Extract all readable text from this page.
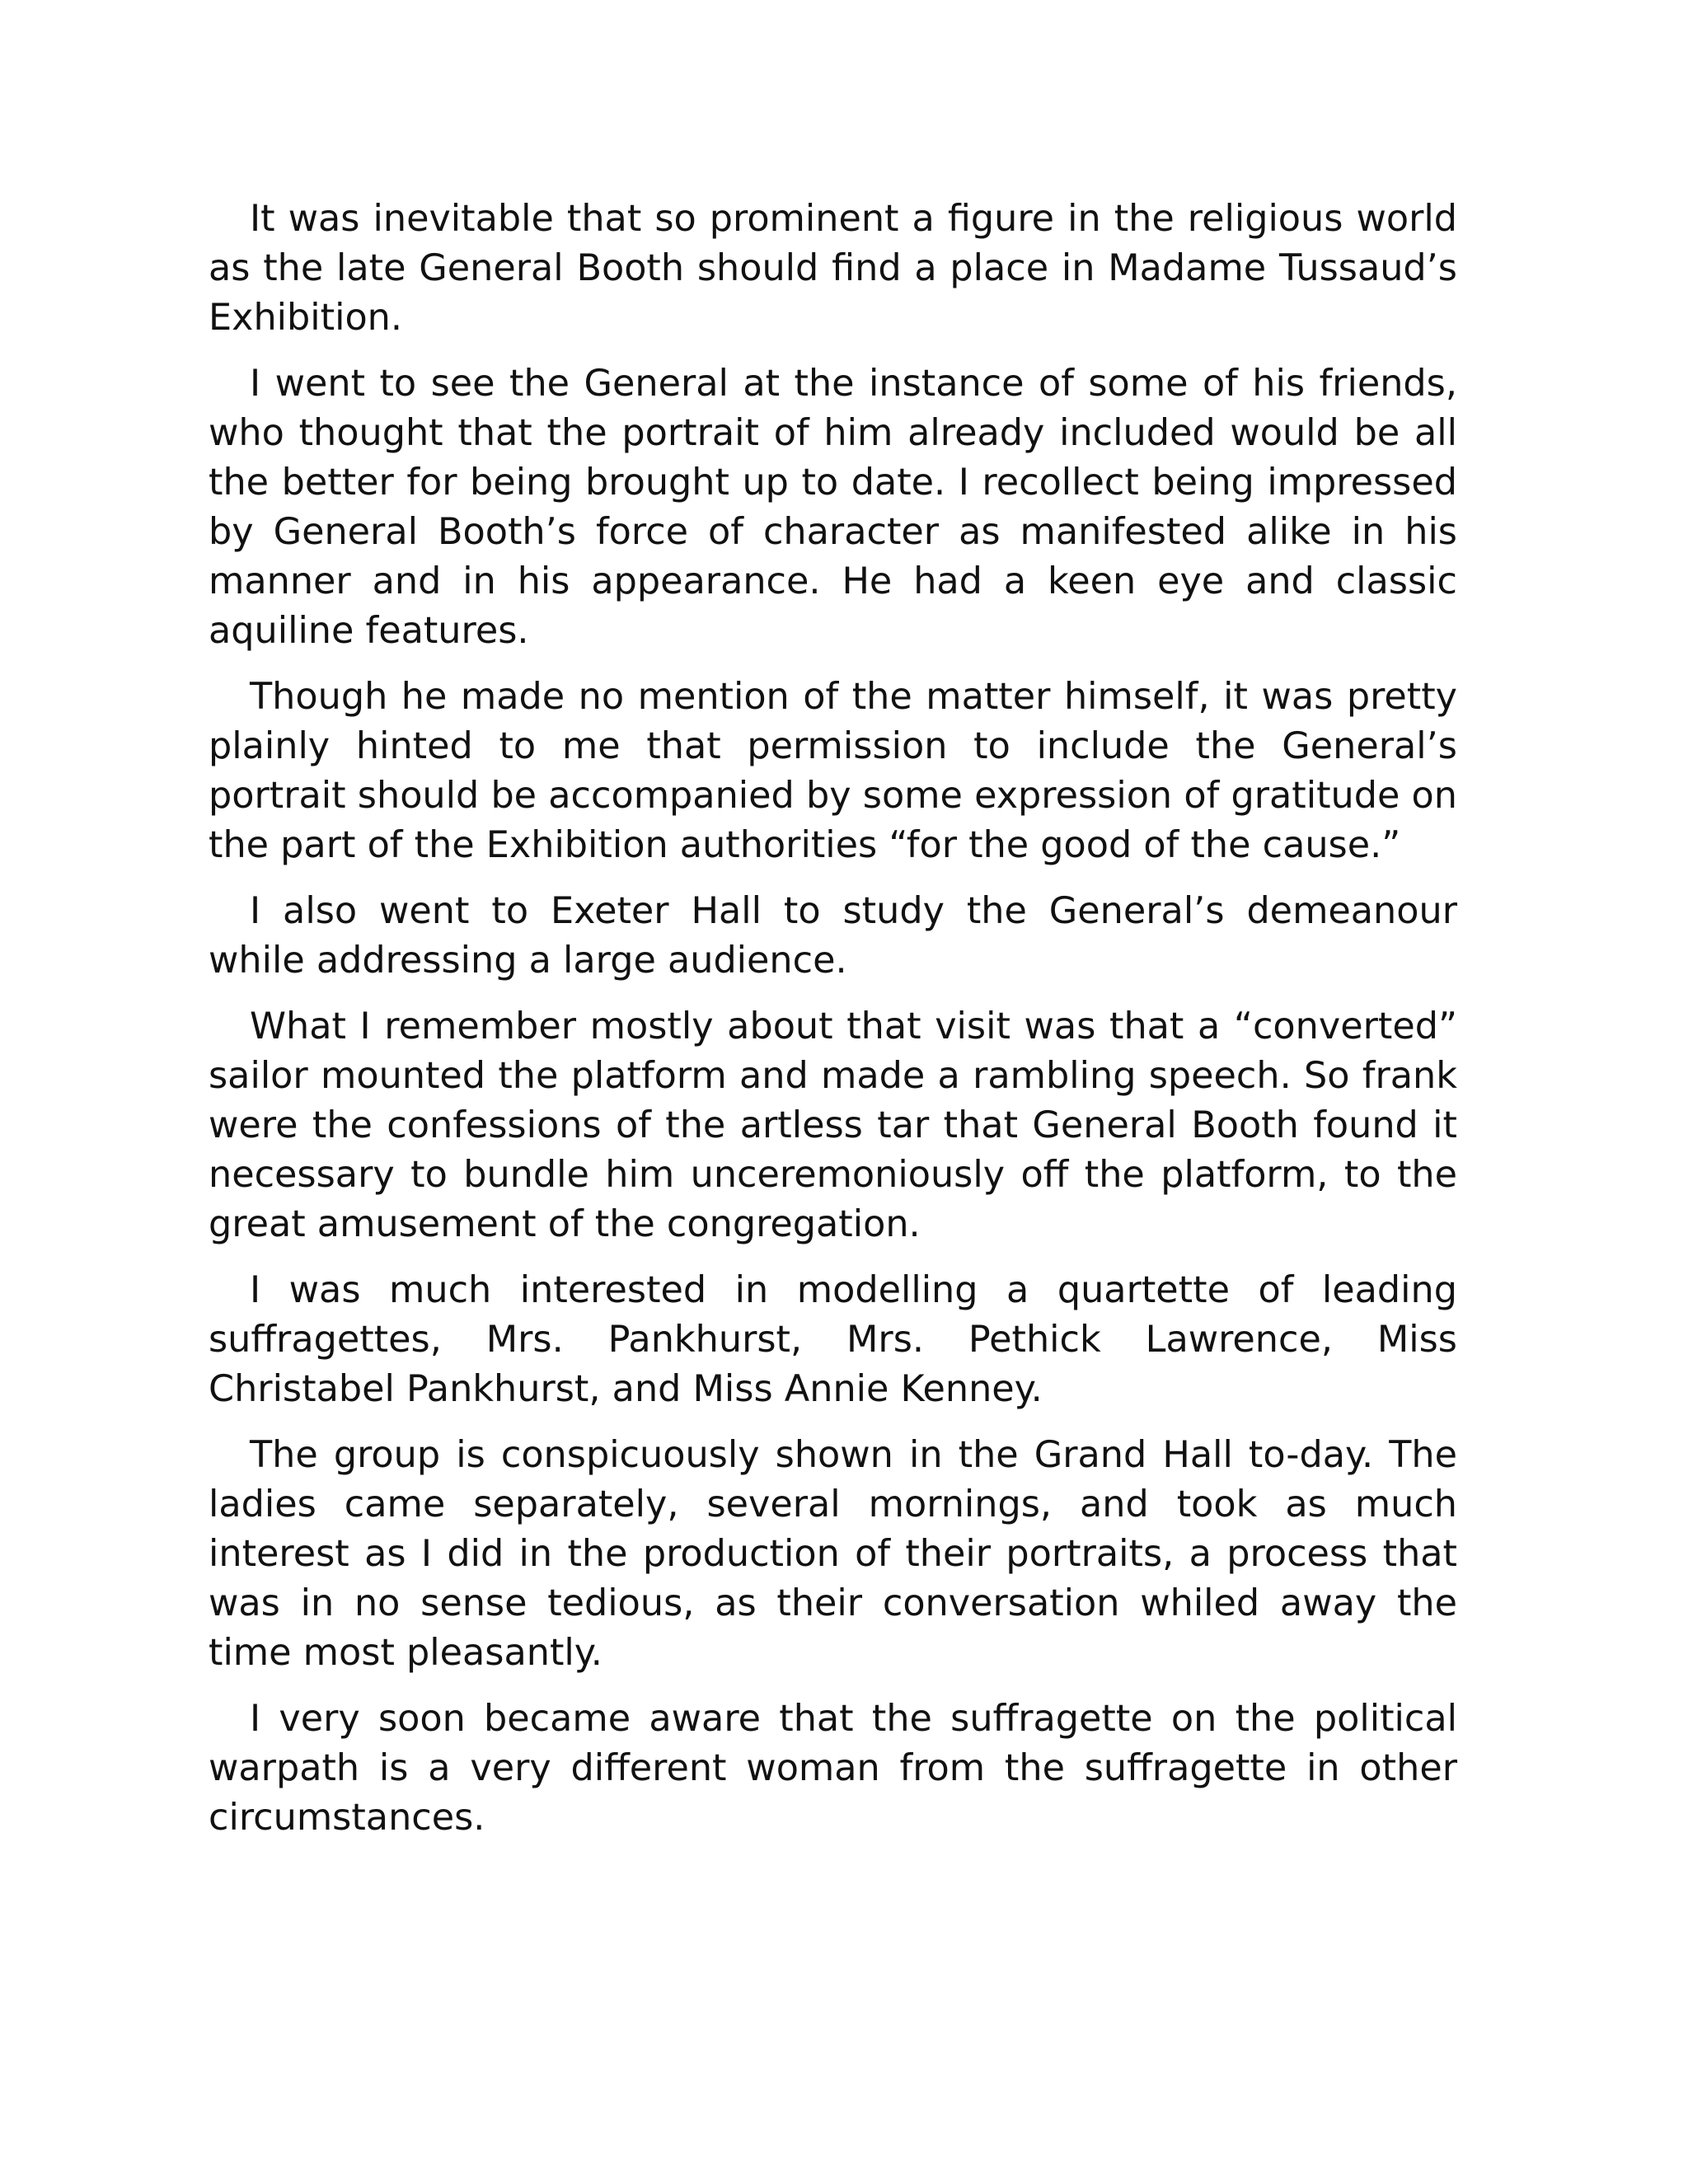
It was inevitable that so prominent a figure in the religious world as the late General Booth should find a place in Madame Tussaud’s Exhibition.

I went to see the General at the instance of some of his friends, who thought that the portrait of him already included would be all the better for being brought up to date. I recollect being impressed by General Booth’s force of character as manifested alike in his manner and in his appearance. He had a keen eye and classic aquiline features.

Though he made no mention of the matter himself, it was pretty plainly hinted to me that permission to include the General’s portrait should be accompanied by some expression of gratitude on the part of the Exhibition authorities “for the good of the cause.”

I also went to Exeter Hall to study the General’s demeanour while addressing a large audience.

What I remember mostly about that visit was that a “converted” sailor mounted the platform and made a rambling speech. So frank were the confessions of the artless tar that General Booth found it necessary to bundle him unceremoniously off the platform, to the great amusement of the congregation.

I was much interested in modelling a quartette of leading suffragettes, Mrs. Pankhurst, Mrs. Pethick Lawrence, Miss Christabel Pankhurst, and Miss Annie Kenney.

The group is conspicuously shown in the Grand Hall to-day. The ladies came separately, several mornings, and took as much interest as I did in the production of their portraits, a process that was in no sense tedious, as their conversation whiled away the time most pleasantly.

I very soon became aware that the suffragette on the political warpath is a very different woman from the suffragette in other circumstances.
